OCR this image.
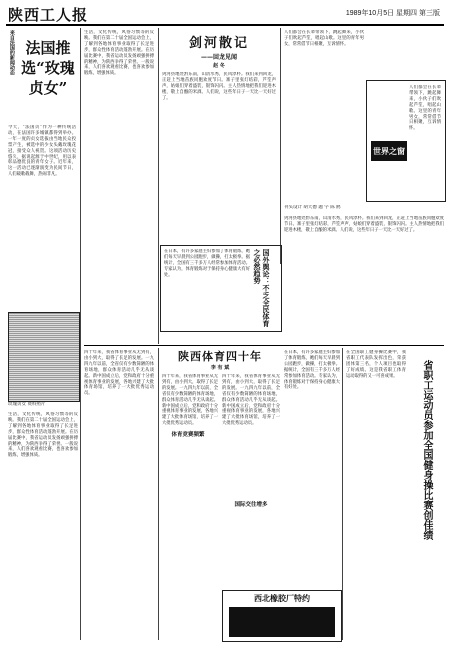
陕西工人报	1989年10月5日 星期四 第三版
来自法国的新闻动态 法国推选“玫瑰贞女”
今天，“法国贞”作为一种传统活动，在法国许多城镇都得到举办。一年一度的贞女选拔由当地民众投票产生，被选中的少女头戴玫瑰花冠，接受众人祝贺。这项活动历史悠久，据说起源于中世纪，用以表彰品德优良的青年女子。近年来，这一活动已逐渐演变为民间节日，人们载歌载舞，热闹非凡。
玫瑰贞女 资料照片
生活，文化传统，风俗习惯等的反映。我们在第二十届全国运动会上，了解到各地体育事业取得了长足进步，群众性体育活动蓬勃开展。在历届比赛中，我省运动员发扬顽强拼搏的精神，为陕西争得了荣誉。一般说来，人们喜欢观看比赛，也喜欢参加锻炼，增强体质。
生活，文化传统，风俗习惯等的反映。我们在第二十届全国运动会上，了解到各地体育事业取得了长足进步，群众性体育活动蓬勃开展。在历届比赛中，我省运动员发扬顽强拼搏的精神，为陕西争得了荣誉。一般说来，人们喜欢观看比赛，也喜欢参加锻炼，增强体质。
剑河散记
——回龙见闻
赵 冬
剑河县地处黔东南，山清水秀，民风淳朴。我们来到回龙，正赶上当地苗族同胞欢度节日。寨子里张灯结彩，芦笙声声，姑娘们穿着盛装，银饰闪闪。主人热情地把我们迎进木楼，敬上自酿的米酒。人们说，这些年日子一天比一天好过了。
人们都会在长辈带领下，跳起舞来，小伙子们吹起芦笙，唱起山歌。这里的青年男女，常常借节日相聚，互诉情怀。
世界之窗
人们都会在长辈带领下，跳起舞来，小伙子们吹起芦笙，唱起山歌。这里的青年男女，常常借节日相聚，互诉情怀。
刊头设计 胡天德 题 字 陈 鸥
剑河县地处黔东南，山清水秀，民风淳朴。我们来到回龙，正赶上当地苗族同胞欢度节日。寨子里张灯结彩，芦笙声声，姑娘们穿着盛装，银饰闪闪。主人热情地把我们迎进木楼，敬上自酿的米酒。人们说，这些年日子一天比一天好过了。
在日本，有许多家庭主妇参加了体育锻炼，她们每天早晨到公园跑步，做操，打太极拳。据统计，全国有三千多万人经常参加体育活动。专家认为，体育锻炼对于保持身心健康大有好处。	国外舆论：不乏全民体育之必然趋势
四十年来，我省体育事业从无到有，由小到大，取得了长足的发展。一九四九年以前，全省仅有少数简陋的体育场地，群众体育活动几乎无从谈起。新中国成立后，党和政府十分重视体育事业的发展，各地兴建了大批体育场馆，培养了一大批优秀运动员。
陕西体育四十年
李 有 斌
四十年来，我省体育事业从无到有，由小到大，取得了长足的发展。一九四九年以前，全省仅有少数简陋的体育场地，群众体育活动几乎无从谈起。新中国成立后，党和政府十分重视体育事业的发展，各地兴建了大批体育场馆，培养了一大批优秀运动员。
四十年来，我省体育事业从无到有，由小到大，取得了长足的发展。一九四九年以前，全省仅有少数简陋的体育场地，群众体育活动几乎无从谈起。新中国成立后，党和政府十分重视体育事业的发展，各地兴建了大批体育场馆，培养了一大批优秀运动员。
体育竞赛频繁
国际交往增多
西北橡胶厂特约
在日本，有许多家庭主妇参加了体育锻炼，她们每天早晨到公园跑步，做操，打太极拳。据统计，全国有三千多万人经常参加体育活动。专家认为，体育锻炼对于保持身心健康大有好处。
在全国职工健身操比赛中，我省职工代表队发挥出色，荣获团体第三名，个人项目也取得了好成绩。这是我省职工体育运动取得的又一可喜成果。	省职工运动员参加全国健身操比赛创佳绩
